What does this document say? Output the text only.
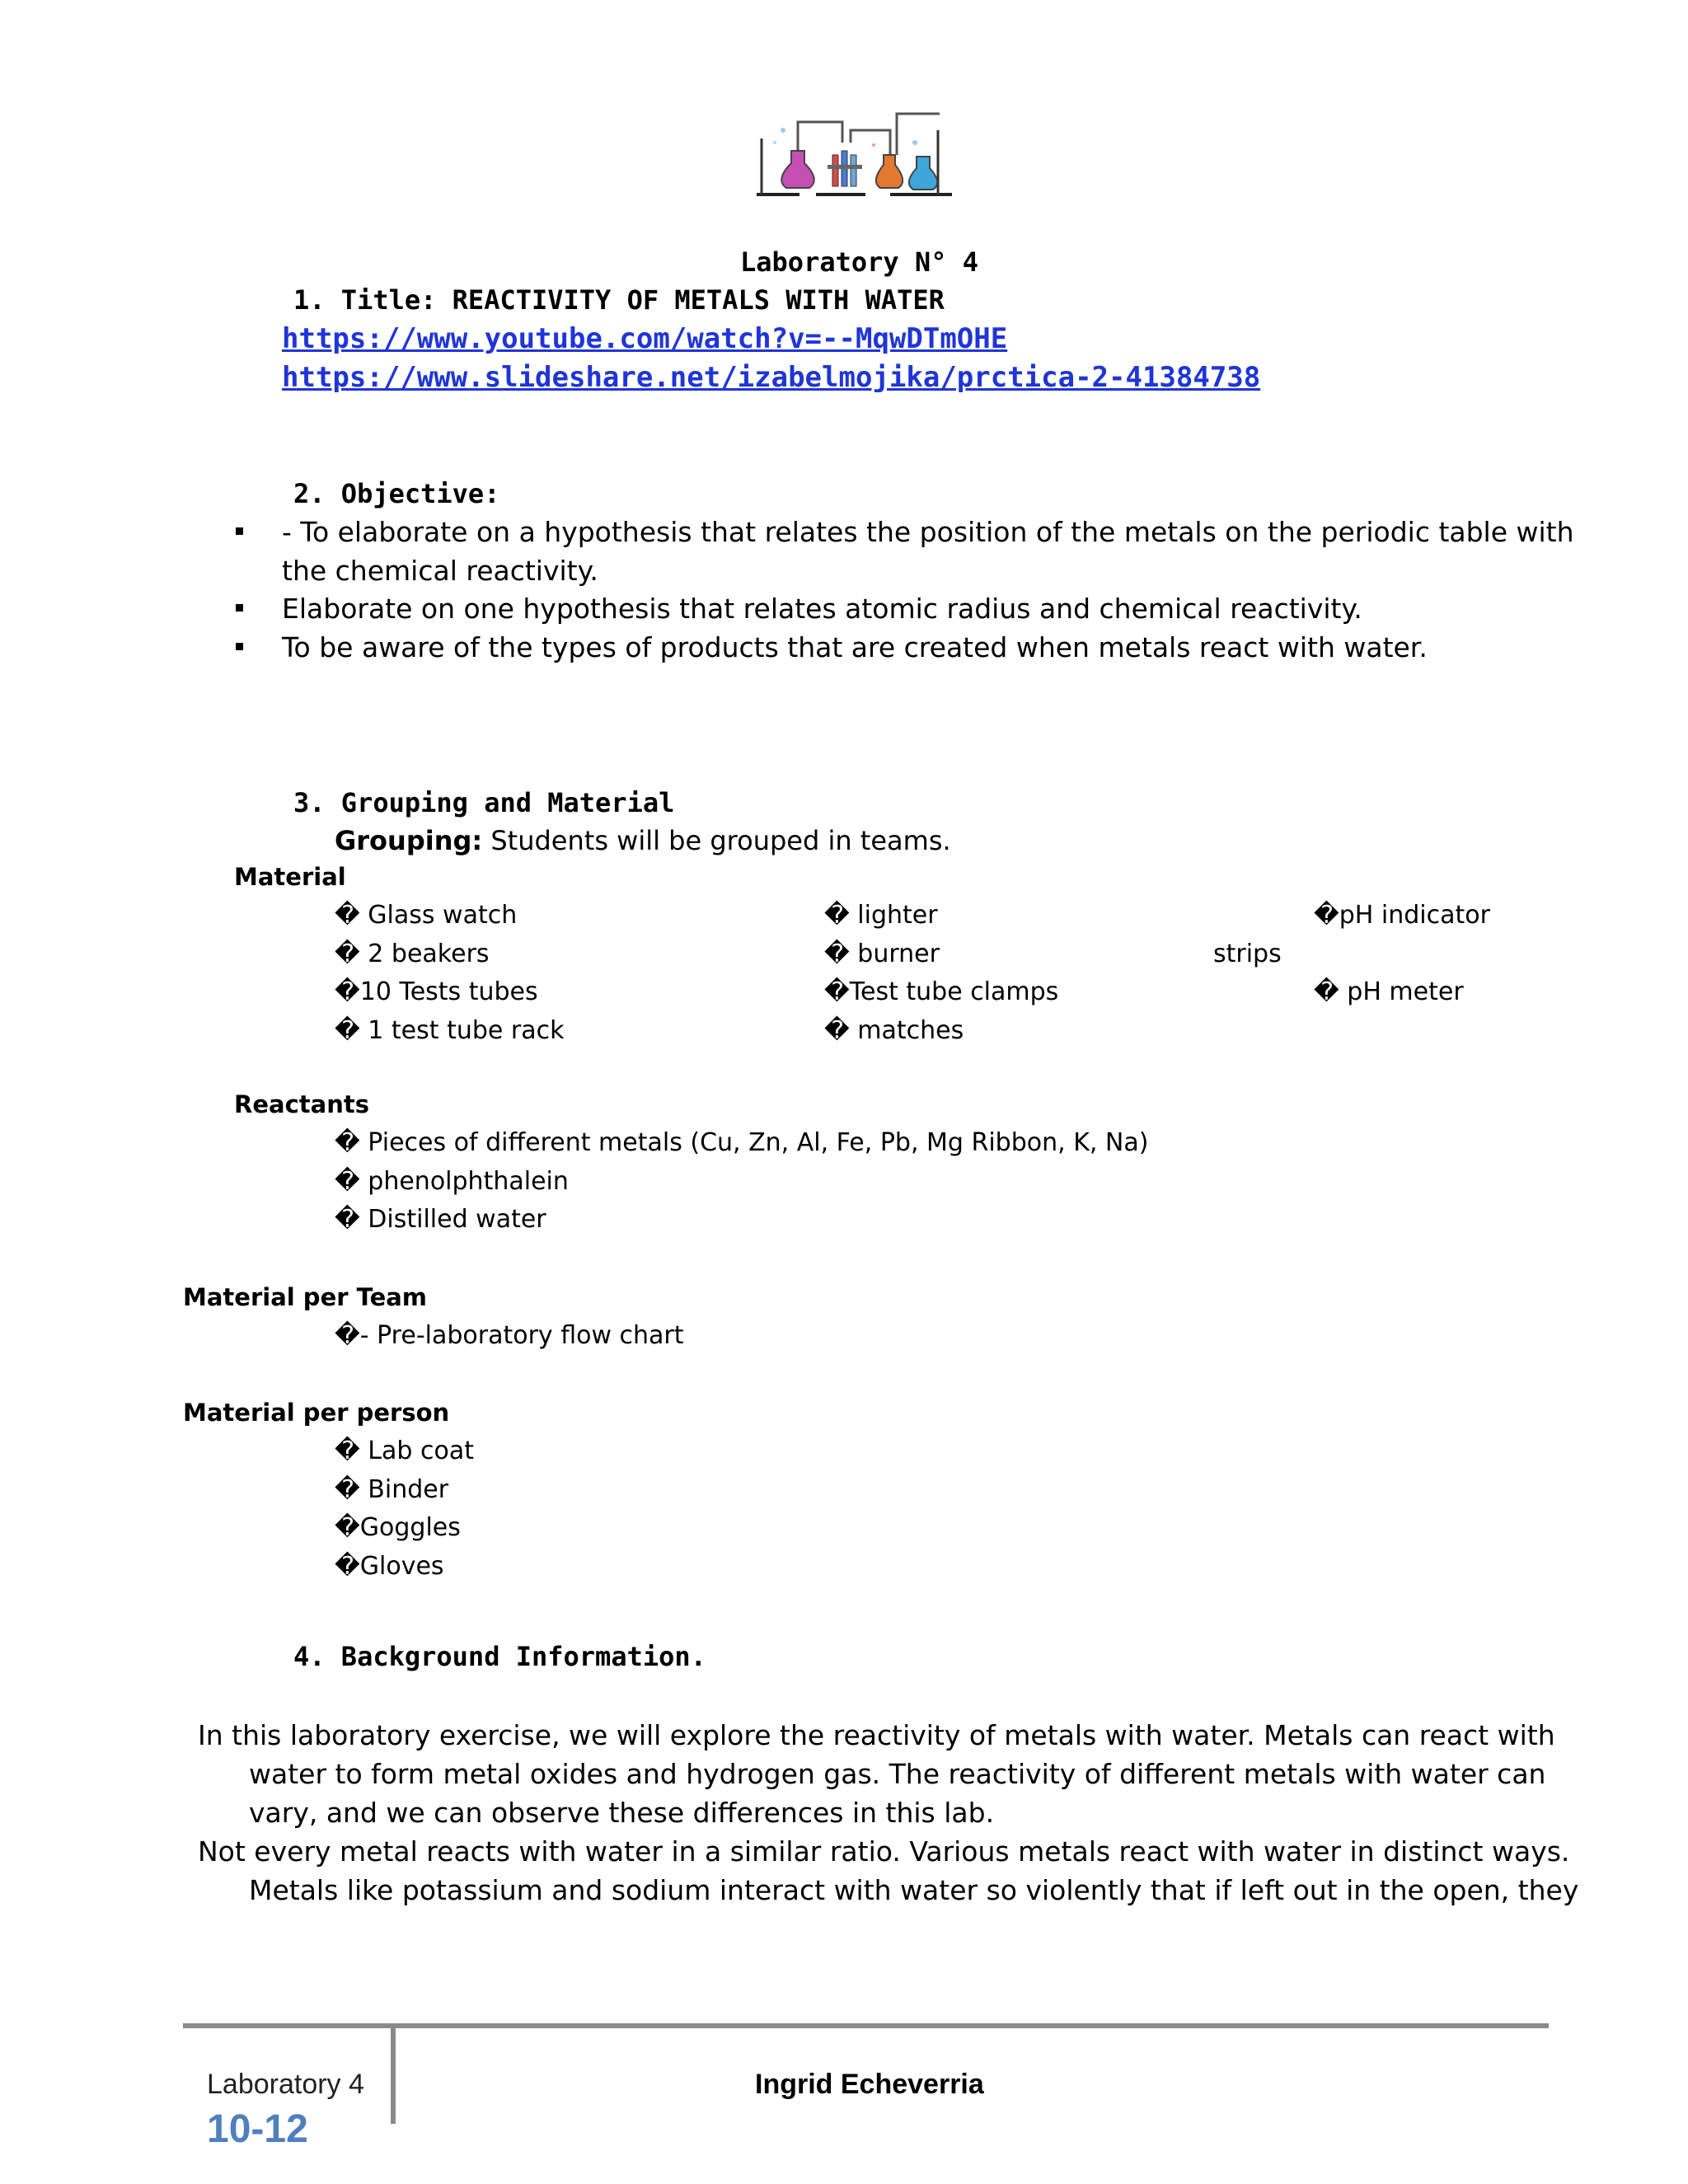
Laboratory N° 4
1. Title: REACTIVITY OF METALS WITH WATER
https://www.youtube.com/watch?v=--MqwDTmOHE
https://www.slideshare.net/izabelmojika/prctica-2-41384738
2. Objective:
- To elaborate on a hypothesis that relates the position of the metals on the periodic table with
the chemical reactivity.
Elaborate on one hypothesis that relates atomic radius and chemical reactivity.
To be aware of the types of products that are created when metals react with water.
3. Grouping and Material
Grouping: Students will be grouped in teams.
Material
� Glass watch
� 2 beakers
�10 Tests tubes
� 1 test tube rack
� lighter
� burner
�Test tube clamps
� matches
�pH indicator
strips
� pH meter
Reactants
� Pieces of different metals (Cu, Zn, Al, Fe, Pb, Mg Ribbon, K, Na)
� phenolphthalein
� Distilled water
Material per Team
�- Pre-laboratory flow chart
Material per person
� Lab coat
� Binder
�Goggles
�Gloves
4. Background Information.
In this laboratory exercise, we will explore the reactivity of metals with water. Metals can react with
water to form metal oxides and hydrogen gas. The reactivity of different metals with water can
vary, and we can observe these differences in this lab.
Not every metal reacts with water in a similar ratio. Various metals react with water in distinct ways.
Metals like potassium and sodium interact with water so violently that if left out in the open, they
Laboratory 4
10-12
Ingrid Echeverria
